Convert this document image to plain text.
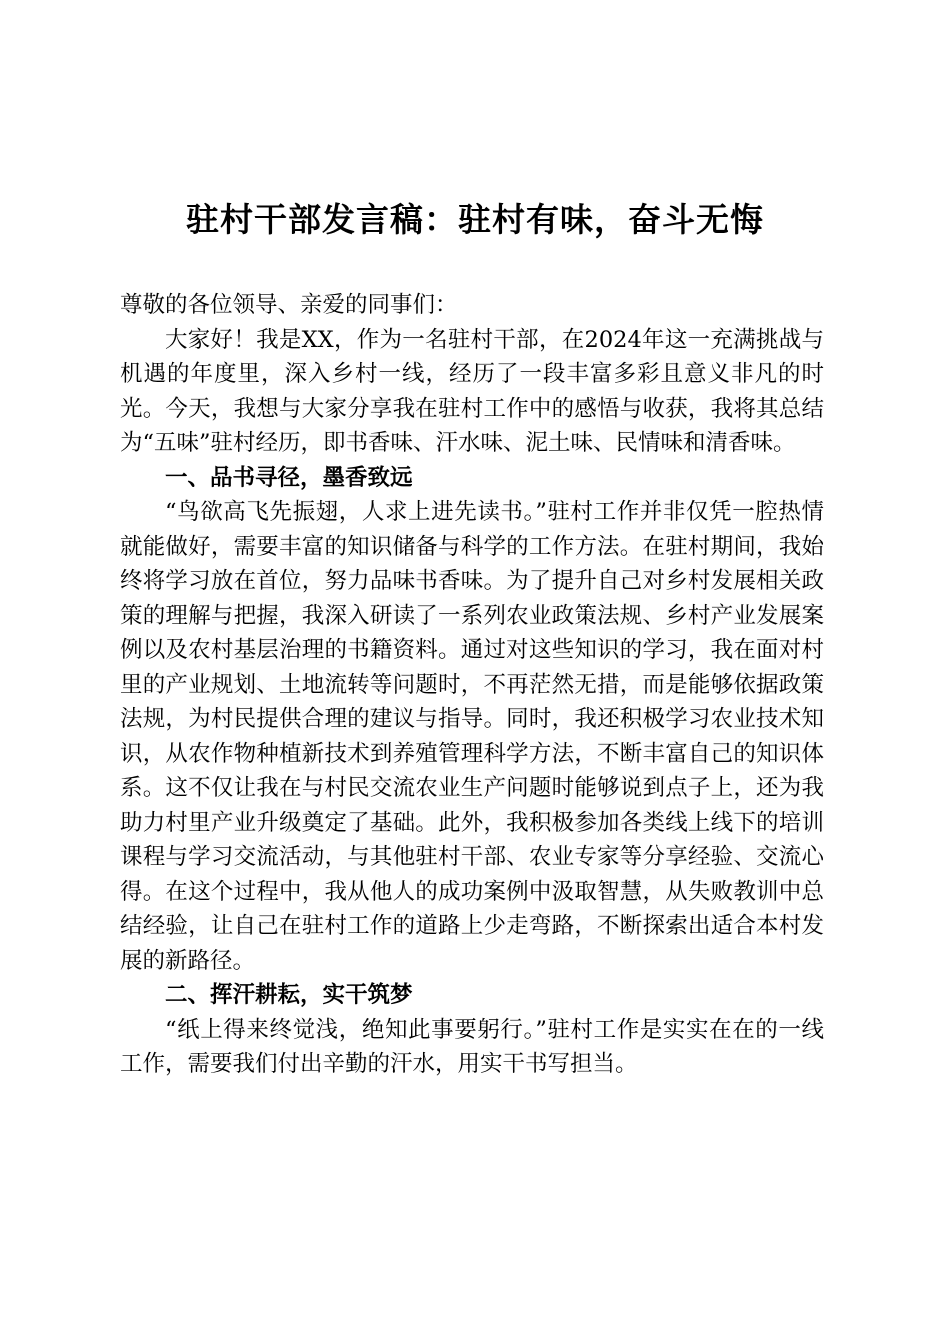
驻村干部发言稿：驻村有味，奋斗无悔

尊敬的各位领导、亲爱的同事们：

大家好！我是XX，作为一名驻村干部，在2024年这一充满挑战与机遇的年度里，深入乡村一线，经历了一段丰富多彩且意义非凡的时光。今天，我想与大家分享我在驻村工作中的感悟与收获，我将其总结为“五味”驻村经历，即书香味、汗水味、泥土味、民情味和清香味。

一、品书寻径，墨香致远

“鸟欲高飞先振翅，人求上进先读书。”驻村工作并非仅凭一腔热情就能做好，需要丰富的知识储备与科学的工作方法。在驻村期间，我始终将学习放在首位，努力品味书香味。为了提升自己对乡村发展相关政策的理解与把握，我深入研读了一系列农业政策法规、乡村产业发展案例以及农村基层治理的书籍资料。通过对这些知识的学习，我在面对村里的产业规划、土地流转等问题时，不再茫然无措，而是能够依据政策法规，为村民提供合理的建议与指导。同时，我还积极学习农业技术知识，从农作物种植新技术到养殖管理科学方法，不断丰富自己的知识体系。这不仅让我在与村民交流农业生产问题时能够说到点子上，还为我助力村里产业升级奠定了基础。此外，我积极参加各类线上线下的培训课程与学习交流活动，与其他驻村干部、农业专家等分享经验、交流心得。在这个过程中，我从他人的成功案例中汲取智慧，从失败教训中总结经验，让自己在驻村工作的道路上少走弯路，不断探索出适合本村发展的新路径。

二、挥汗耕耘，实干筑梦

“纸上得来终觉浅，绝知此事要躬行。”驻村工作是实实在在的一线工作，需要我们付出辛勤的汗水，用实干书写担当。
